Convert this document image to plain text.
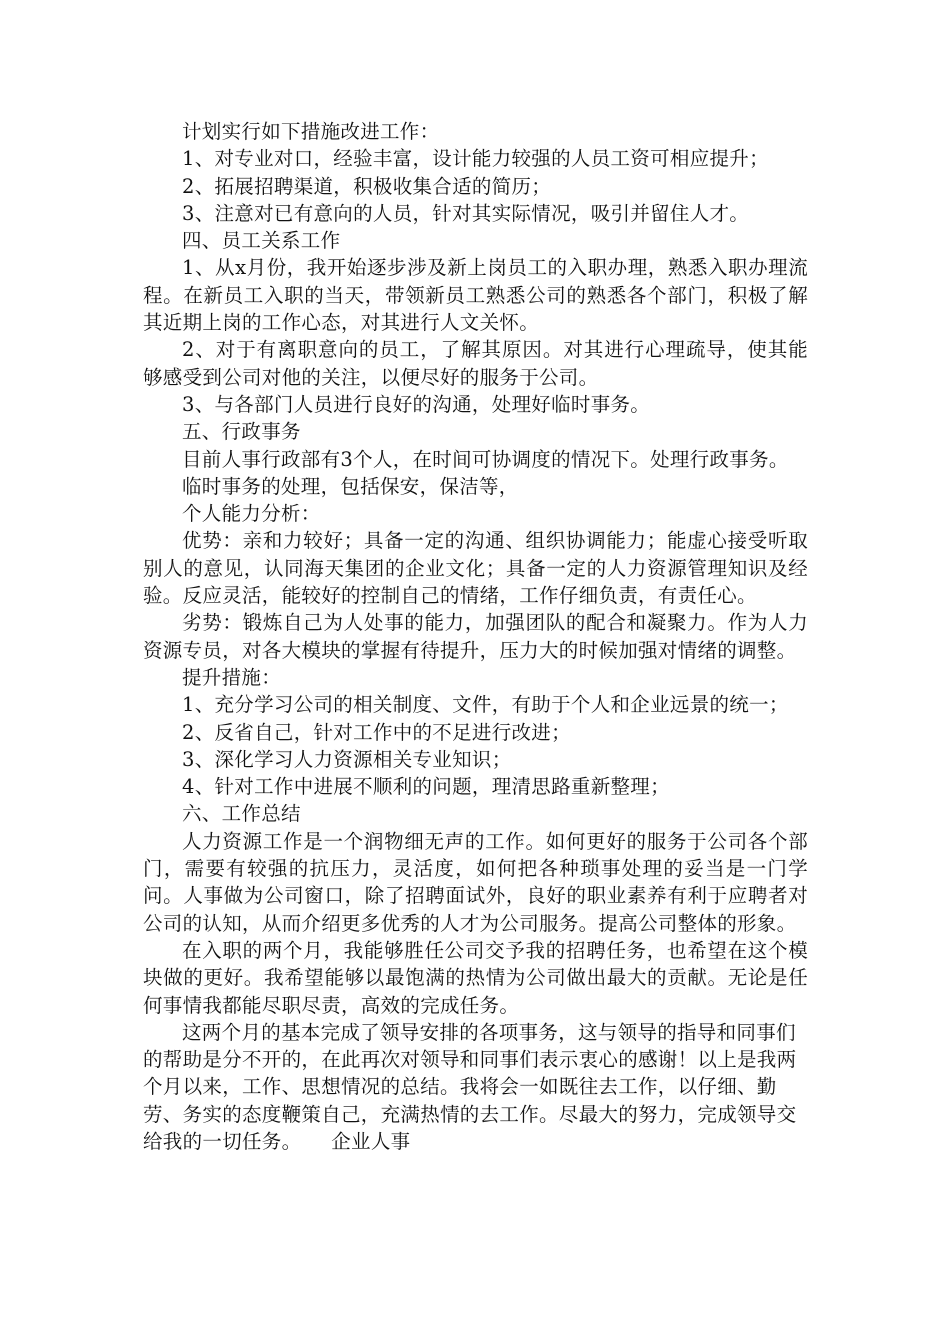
计划实行如下措施改进工作：

1、对专业对口，经验丰富，设计能力较强的人员工资可相应提升；

2、拓展招聘渠道，积极收集合适的简历；

3、注意对已有意向的人员，针对其实际情况，吸引并留住人才。

四、员工关系工作

1、从x月份，我开始逐步涉及新上岗员工的入职办理，熟悉入职办理流程。在新员工入职的当天，带领新员工熟悉公司的熟悉各个部门，积极了解其近期上岗的工作心态，对其进行人文关怀。

2、对于有离职意向的员工，了解其原因。对其进行心理疏导，使其能够感受到公司对他的关注，以便尽好的服务于公司。

3、与各部门人员进行良好的沟通，处理好临时事务。

五、行政事务

目前人事行政部有3个人，在时间可协调度的情况下。处理行政事务。

临时事务的处理，包括保安，保洁等，

个人能力分析：

优势：亲和力较好；具备一定的沟通、组织协调能力；能虚心接受听取别人的意见，认同海天集团的企业文化；具备一定的人力资源管理知识及经验。反应灵活，能较好的控制自己的情绪，工作仔细负责，有责任心。

劣势：锻炼自己为人处事的能力，加强团队的配合和凝聚力。作为人力资源专员，对各大模块的掌握有待提升，压力大的时候加强对情绪的调整。

提升措施：

1、充分学习公司的相关制度、文件，有助于个人和企业远景的统一；

2、反省自己，针对工作中的不足进行改进；

3、深化学习人力资源相关专业知识；

4、针对工作中进展不顺利的问题，理清思路重新整理；

六、工作总结

人力资源工作是一个润物细无声的工作。如何更好的服务于公司各个部门，需要有较强的抗压力，灵活度，如何把各种琐事处理的妥当是一门学问。人事做为公司窗口，除了招聘面试外，良好的职业素养有利于应聘者对公司的认知，从而介绍更多优秀的人才为公司服务。提高公司整体的形象。

在入职的两个月，我能够胜任公司交予我的招聘任务，也希望在这个模块做的更好。我希望能够以最饱满的热情为公司做出最大的贡献。无论是任何事情我都能尽职尽责，高效的完成任务。

这两个月的基本完成了领导安排的各项事务，这与领导的指导和同事们的帮助是分不开的，在此再次对领导和同事们表示衷心的感谢！以上是我两个月以来，工作、思想情况的总结。我将会一如既往去工作，以仔细、勤劳、务实的态度鞭策自己，充满热情的去工作。尽最大的努力，完成领导交给我的一切任务。　　企业人事
